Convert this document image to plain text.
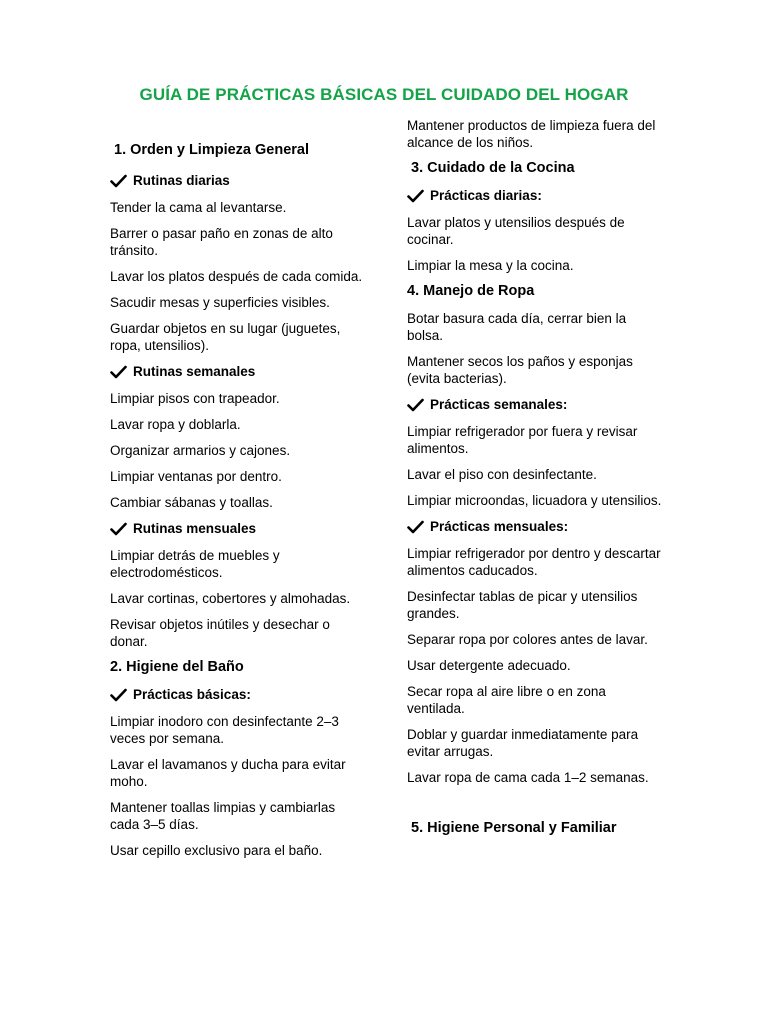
GUÍA DE PRÁCTICAS BÁSICAS DEL CUIDADO DEL HOGAR
1. Orden y Limpieza General
Rutinas diarias

Tender la cama al levantarse.

Barrer o pasar paño en zonas de alto tránsito.

Lavar los platos después de cada comida.

Sacudir mesas y superficies visibles.

Guardar objetos en su lugar (juguetes, ropa, utensilios).

Rutinas semanales

Limpiar pisos con trapeador.

Lavar ropa y doblarla.

Organizar armarios y cajones.

Limpiar ventanas por dentro.

Cambiar sábanas y toallas.

Rutinas mensuales

Limpiar detrás de muebles y electrodomésticos.

Lavar cortinas, cobertores y almohadas.

Revisar objetos inútiles y desechar o donar.

2. Higiene del Baño
Prácticas básicas:

Limpiar inodoro con desinfectante 2–3 veces por semana.

Lavar el lavamanos y ducha para evitar moho.

Mantener toallas limpias y cambiarlas cada 3–5 días.

Usar cepillo exclusivo para el baño.

Mantener productos de limpieza fuera del alcance de los niños.

3. Cuidado de la Cocina
Prácticas diarias:

Lavar platos y utensilios después de cocinar.

Limpiar la mesa y la cocina.

4. Manejo de Ropa

Botar basura cada día, cerrar bien la bolsa.

Mantener secos los paños y esponjas (evita bacterias).

Prácticas semanales:

Limpiar refrigerador por fuera y revisar alimentos.

Lavar el piso con desinfectante.

Limpiar microondas, licuadora y utensilios.

Prácticas mensuales:

Limpiar refrigerador por dentro y descartar alimentos caducados.

Desinfectar tablas de picar y utensilios grandes.

Separar ropa por colores antes de lavar.

Usar detergente adecuado.

Secar ropa al aire libre o en zona ventilada.

Doblar y guardar inmediatamente para evitar arrugas.

Lavar ropa de cama cada 1–2 semanas.

5. Higiene Personal y Familiar
